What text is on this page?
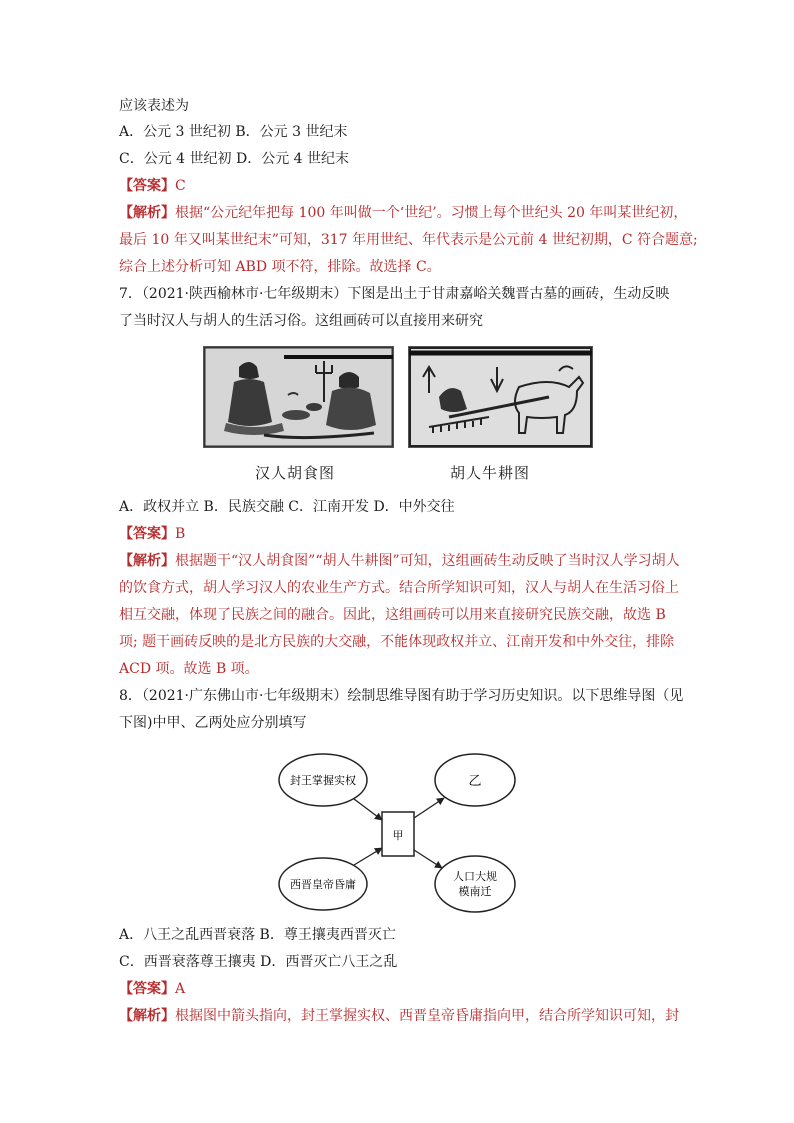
应该表述为
A．公元 3 世纪初 B．公元 3 世纪末
C．公元 4 世纪初 D．公元 4 世纪末
【答案】C
【解析】根据“公元纪年把每 100 年叫做一个‘世纪’。习惯上每个世纪头 20 年叫某世纪初，
最后 10 年又叫某世纪末”可知，317 年用世纪、年代表示是公元前 4 世纪初期，C 符合题意;
综合上述分析可知 ABD 项不符，排除。故选择 C。
7．（2021·陕西榆林市·七年级期末）下图是出土于甘肃嘉峪关魏晋古墓的画砖，生动反映
了当时汉人与胡人的生活习俗。这组画砖可以直接用来研究
汉人胡食图	胡人牛耕图
A．政权并立 B．民族交融 C．江南开发 D．中外交往
【答案】B
【解析】根据题干“汉人胡食图”“胡人牛耕图”可知，这组画砖生动反映了当时汉人学习胡人
的饮食方式，胡人学习汉人的农业生产方式。结合所学知识可知，汉人与胡人在生活习俗上
相互交融，体现了民族之间的融合。因此，这组画砖可以用来直接研究民族交融，故选 B
项; 题干画砖反映的是北方民族的大交融，不能体现政权并立、江南开发和中外交往，排除
ACD 项。故选 B 项。
8．（2021·广东佛山市·七年级期末）绘制思维导图有助于学习历史知识。以下思维导图（见
下图)中甲、乙两处应分别填写
封王掌握实权
西晋皇帝昏庸
甲
乙
人口大规
模南迁
A．八王之乱西晋衰落 B．尊王攘夷西晋灭亡
C．西晋衰落尊王攘夷 D．西晋灭亡八王之乱
【答案】A
【解析】根据图中箭头指向，封王掌握实权、西晋皇帝昏庸指向甲，结合所学知识可知，封
